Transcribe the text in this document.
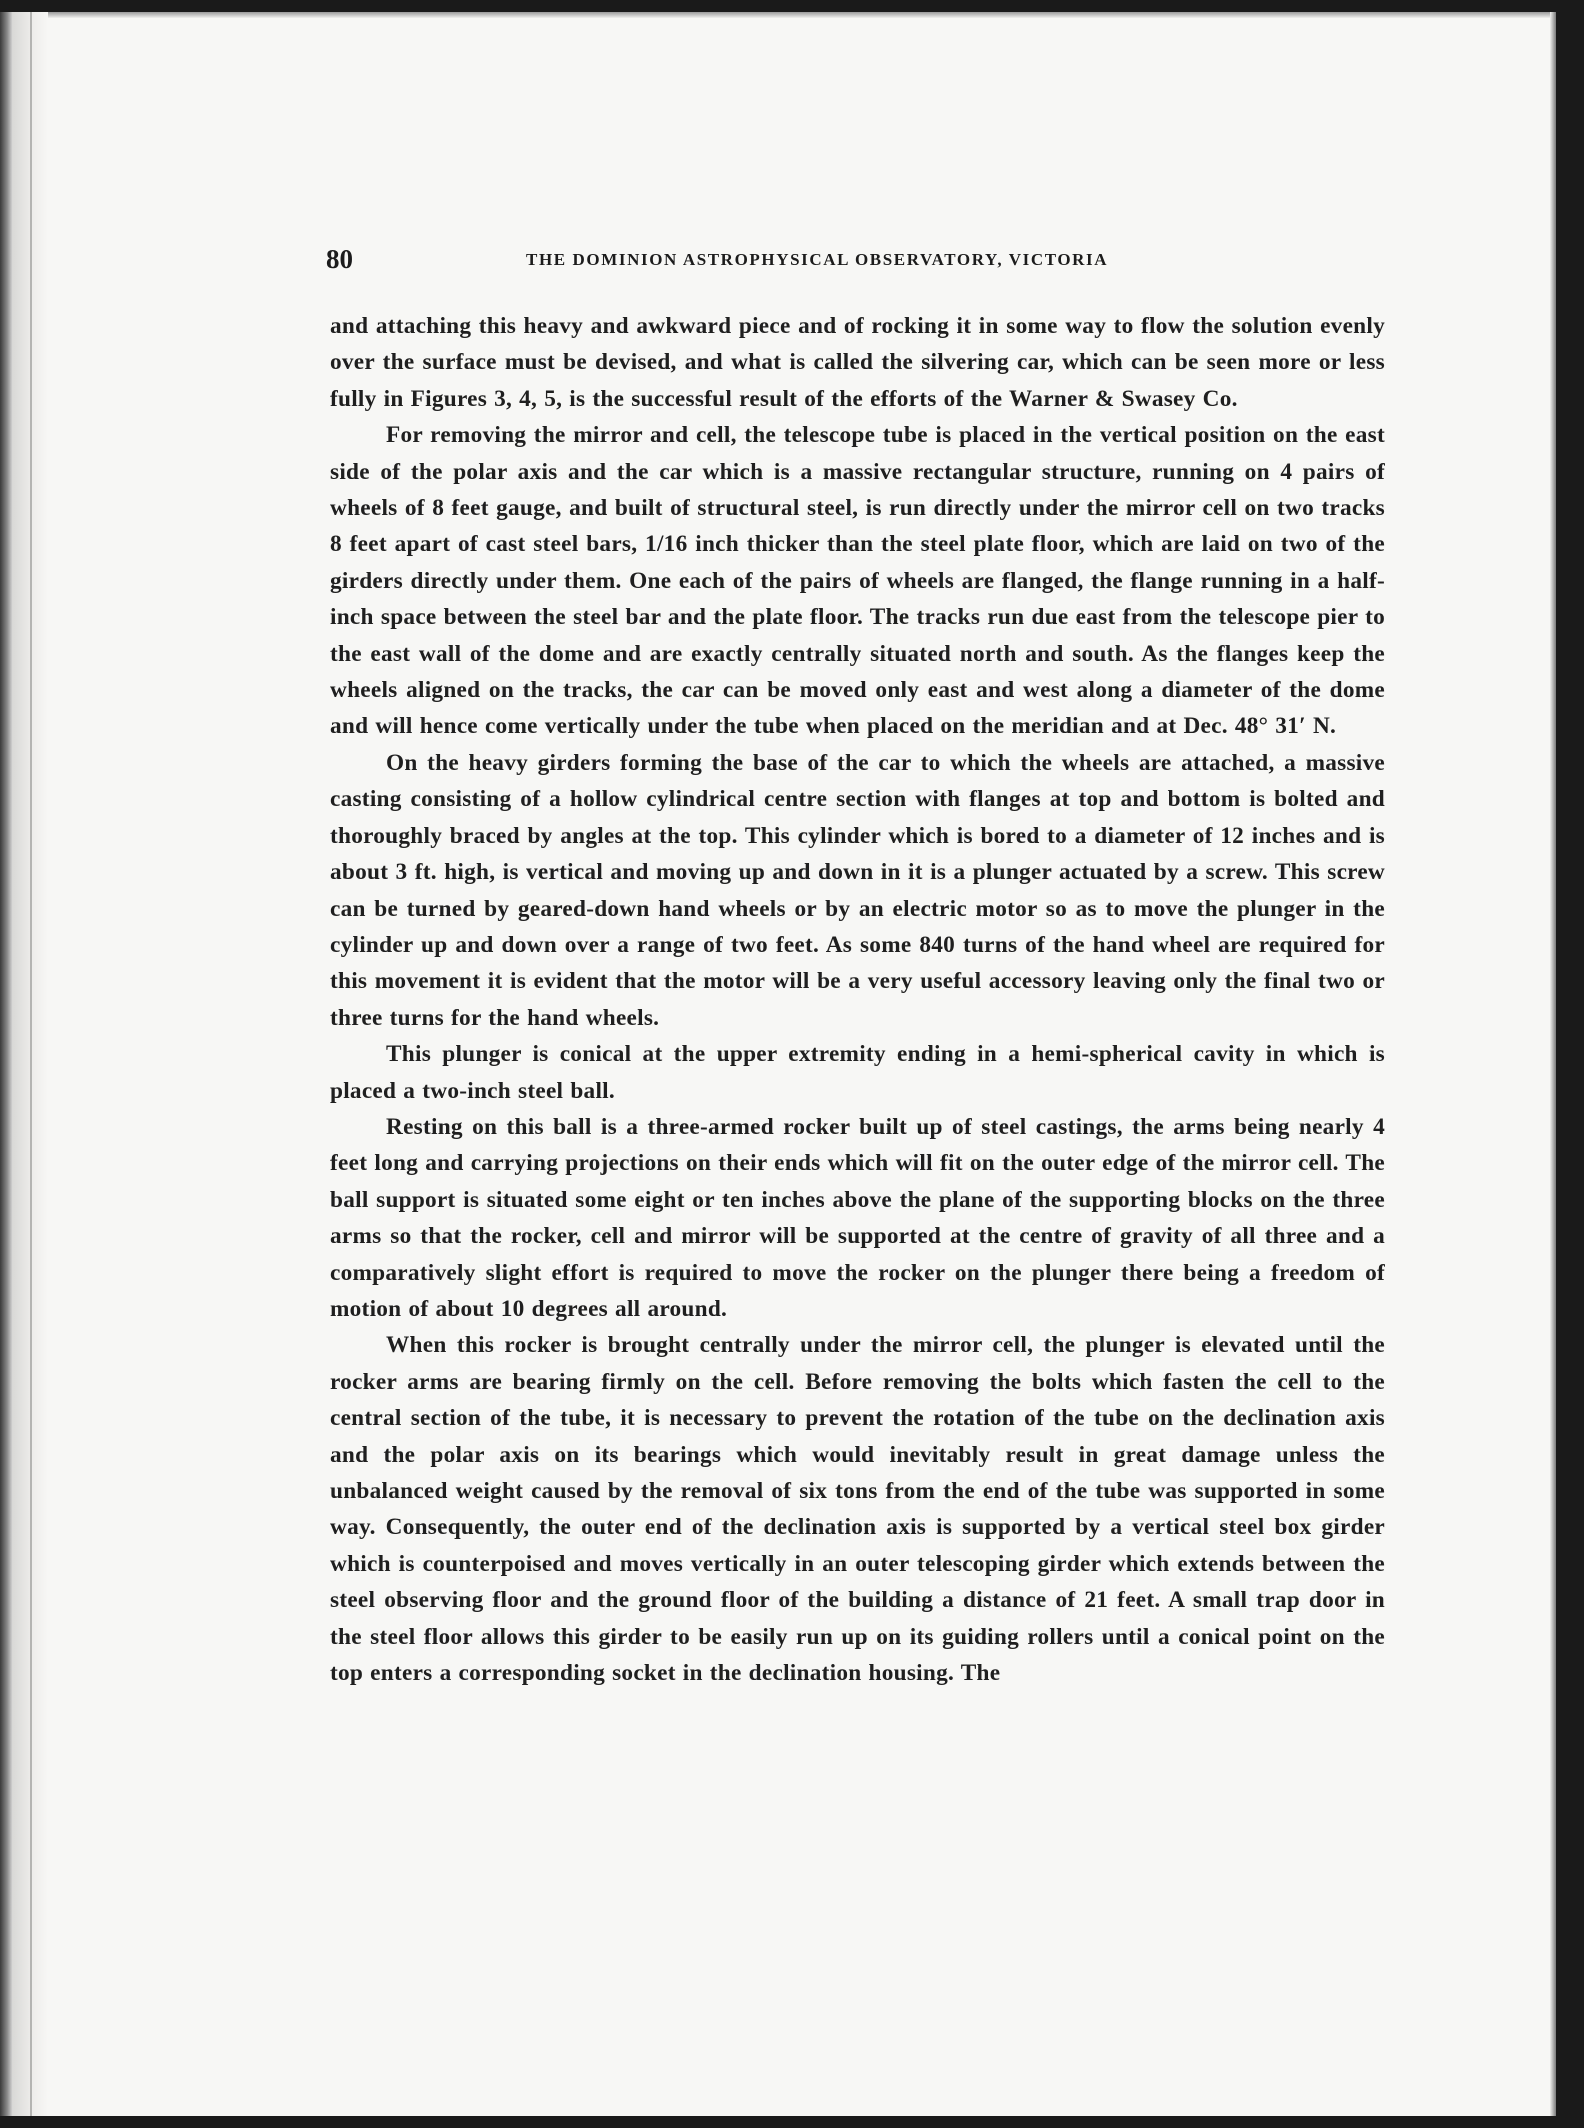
80	THE DOMINION ASTROPHYSICAL OBSERVATORY, VICTORIA

and attaching this heavy and awkward piece and of rocking it in some way to flow the solution evenly over the surface must be devised, and what is called the silvering car, which can be seen more or less fully in Figures 3, 4, 5, is the successful result of the efforts of the Warner & Swasey Co.

For removing the mirror and cell, the telescope tube is placed in the vertical position on the east side of the polar axis and the car which is a massive rectangular structure, running on 4 pairs of wheels of 8 feet gauge, and built of structural steel, is run directly under the mirror cell on two tracks 8 feet apart of cast steel bars, 1/16 inch thicker than the steel plate floor, which are laid on two of the girders directly under them. One each of the pairs of wheels are flanged, the flange running in a half-inch space between the steel bar and the plate floor. The tracks run due east from the telescope pier to the east wall of the dome and are exactly centrally situated north and south. As the flanges keep the wheels aligned on the tracks, the car can be moved only east and west along a diameter of the dome and will hence come vertically under the tube when placed on the meridian and at Dec. 48° 31′ N.

On the heavy girders forming the base of the car to which the wheels are attached, a massive casting consisting of a hollow cylindrical centre section with flanges at top and bottom is bolted and thoroughly braced by angles at the top. This cylinder which is bored to a diameter of 12 inches and is about 3 ft. high, is vertical and moving up and down in it is a plunger actuated by a screw. This screw can be turned by geared-down hand wheels or by an electric motor so as to move the plunger in the cylinder up and down over a range of two feet. As some 840 turns of the hand wheel are required for this movement it is evident that the motor will be a very useful accessory leaving only the final two or three turns for the hand wheels.

This plunger is conical at the upper extremity ending in a hemi-spherical cavity in which is placed a two-inch steel ball.

Resting on this ball is a three-armed rocker built up of steel castings, the arms being nearly 4 feet long and carrying projections on their ends which will fit on the outer edge of the mirror cell. The ball support is situated some eight or ten inches above the plane of the supporting blocks on the three arms so that the rocker, cell and mirror will be supported at the centre of gravity of all three and a comparatively slight effort is required to move the rocker on the plunger there being a freedom of motion of about 10 degrees all around.

When this rocker is brought centrally under the mirror cell, the plunger is elevated until the rocker arms are bearing firmly on the cell. Before removing the bolts which fasten the cell to the central section of the tube, it is necessary to prevent the rotation of the tube on the declination axis and the polar axis on its bearings which would inevitably result in great damage unless the unbalanced weight caused by the removal of six tons from the end of the tube was supported in some way. Consequently, the outer end of the declination axis is supported by a vertical steel box girder which is counterpoised and moves vertically in an outer telescoping girder which extends between the steel observing floor and the ground floor of the building a distance of 21 feet. A small trap door in the steel floor allows this girder to be easily run up on its guiding rollers until a conical point on the top enters a corresponding socket in the declination housing. The
